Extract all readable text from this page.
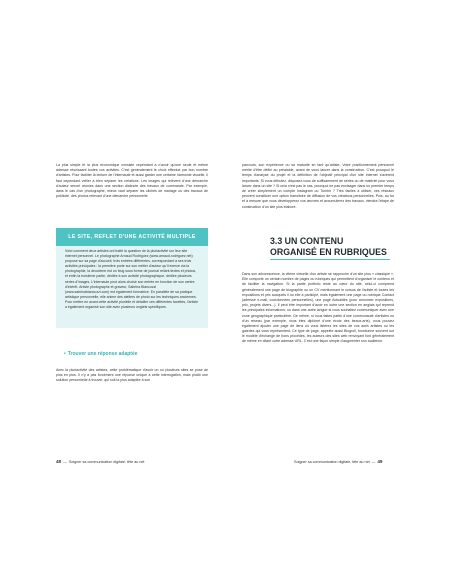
La plus simple et la plus économique consiste cependant à n'avoir qu'une seule et même adresse réunissant toutes vos activités. C'est généralement le choix effectué par bon nombre d'artistes. Pour faciliter la lecture de l'internaute et aussi garder une certaine harmonie visuelle, il faut cependant veiller à bien séparer les créations. Les images qui relèvent d'une démarche d'auteur seront réunies dans une section distincte des travaux de commande. Par exemple, dans le cas d'un photographe, mieux vaut séparer les clichés de mariage ou des travaux de publicité, des photos relevant d'une démarche personnelle.

LE SITE, REFLET D'UNE ACTIVITÉ MULTIPLE

Voici comment deux artistes ont traité la question de la pluriactivité sur leur site internet personnel. Le photographe Arnaud Rodriguez (www.arnaud-rodriguez.net) propose sur sa page d'accueil, trois entrées différentes, correspondant à ses trois activités principales : la première porte sur son métier d'auteur qu'il exerce via la photographie, la deuxième est un blog sous forme de journal reliant textes et photos, et enfin la troisième partie, dédiée à son activité photographique, dédiée plusieurs séries d'images. L'internaute peut alors choisir son entrée en fonction de son centre d'intérêt. Artiste photographe et graveur, Sabrina Biancuzzi (www.sabrinabiancuzzi.com) est également formatrice. En parallèle de sa pratique artistique personnelle, elle anime des ateliers de photo sur les techniques anciennes. Pour mettre en avant cette activité plurielle et détailler ces différentes facettes, l'artiste a également organisé son site avec plusieurs onglets spécifiques.

• Trouver une réponse adaptée

Avec la pluriactivité des artistes, cette problématique d'avoir un ou plusieurs sites se pose de plus en plus. Il n'y a pas forcément une réponse unique à cette interrogation, mais plutôt une solution personnelle à trouver, qui soit la plus adaptée à son

48 — Soigner sa communication digitale, tête au net

parcours, son expérience ou sa maturité en tant qu'artiste. Votre positionnement personnel mérite d'être défini au préalable, avant de vous lancer dans la construction. C'est pourquoi le temps d'analyse du projet et la définition de l'objectif principal d'un site internet s'avèrent importants. Si vous débutez, disposez-vous de suffisamment de séries ou de matériel pour vous lancer dans un site ? Si cela n'est pas le cas, pourquoi ne pas envisager dans un premier temps de créer simplement un compte Instagram ou Tumblr ? Très faciles à utiliser, ces réseaux peuvent constituer une option transitoire de diffusion de vos créations personnelles. Puis, au fur et à mesure que vous développerez vos œuvres et accumulerez des travaux, viendra l'étape de construction d'un site plus élaboré.

3.3 UN CONTENU ORGANISÉ EN RUBRIQUES

Dans son arborescence, la vitrine virtuelle d'un artiste se rapproche d'un site plus « classique ». Elle comporte un certain nombre de pages ou rubriques qui permettent d'organiser le contenu et de faciliter la navigation. Si la partie portfolio reste au cœur du site, celui-ci comprend généralement une page de biographie ou un CV mentionnant le cursus de l'artiste et toutes les expositions et prix auxquels il ou elle a participé, mais également une page ou rubrique Contact (adresse e-mail, coordonnées personnelles), une page Actualités (pour annoncer expositions, prix, projets divers...). Il peut être important d'avoir en outre une section en anglais qui reprend les principales informations, ou dans une autre langue si vous souhaitez communiquer avec une zone géographique particulière. De même, si vous faites partie d'une communauté d'artistes ou d'un réseau (par exemple, vous êtes diplômé d'une école des beaux-arts), vous pouvez également ajouter une page de liens où vous listerez les sites de vos amis artistes ou les galeries qui vous représentent. Ce type de page, appelée aussi Blogroll, fonctionne souvent sur le modèle d'échange de bons procédés, les auteurs des sites web renvoyant font généralement de même en citant votre adresse URL. C'est une façon simple d'augmenter son audience.

Soigner sa communication digitale, tête au net — 49
